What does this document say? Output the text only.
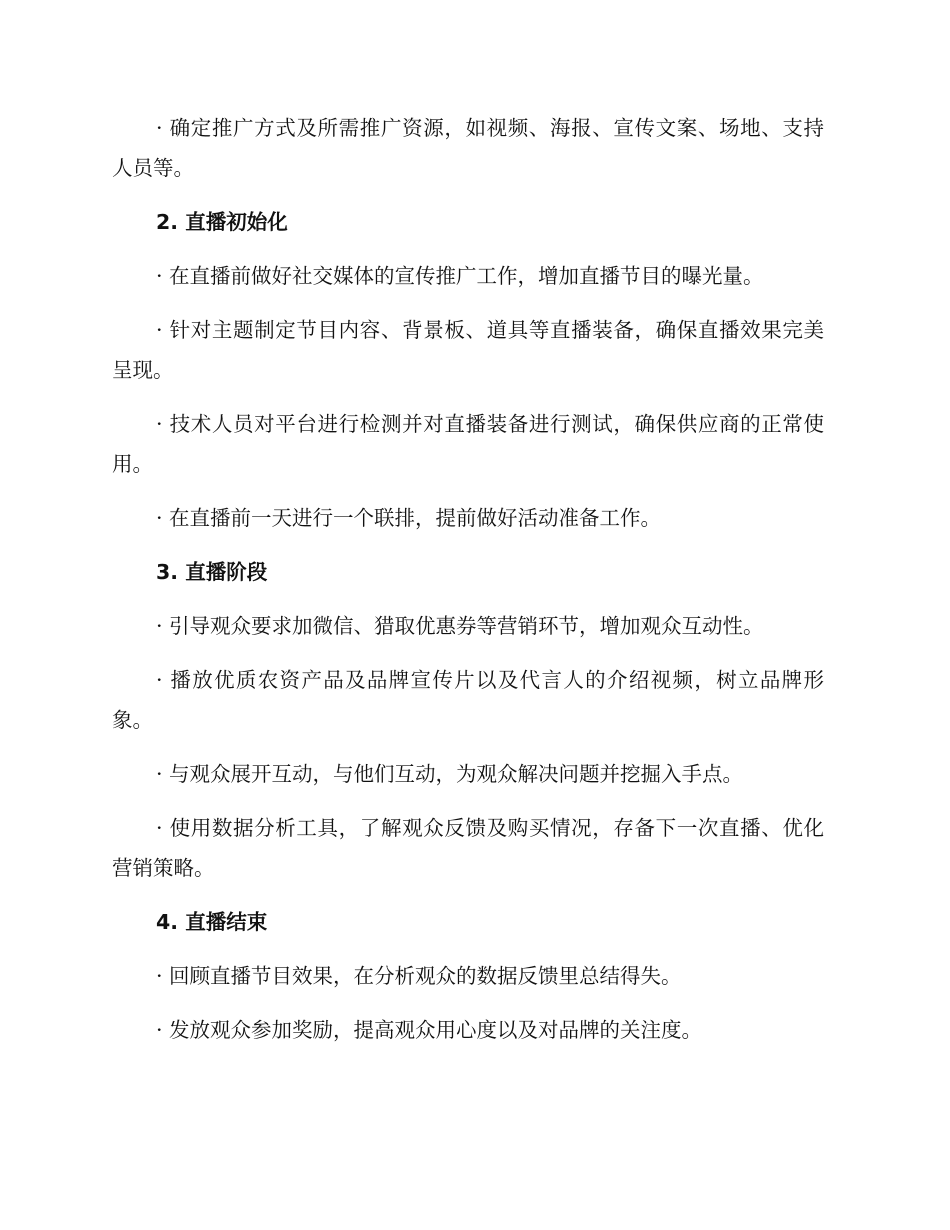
· 确定推广方式及所需推广资源，如视频、海报、宣传文案、场地、支持人员等。

2. 直播初始化

· 在直播前做好社交媒体的宣传推广工作，增加直播节目的曝光量。

· 针对主题制定节目内容、背景板、道具等直播装备，确保直播效果完美呈现。

· 技术人员对平台进行检测并对直播装备进行测试，确保供应商的正常使用。

· 在直播前一天进行一个联排，提前做好活动准备工作。

3. 直播阶段

· 引导观众要求加微信、猎取优惠券等营销环节，增加观众互动性。

· 播放优质农资产品及品牌宣传片以及代言人的介绍视频，树立品牌形象。

· 与观众展开互动，与他们互动，为观众解决问题并挖掘入手点。

· 使用数据分析工具，了解观众反馈及购买情况，存备下一次直播、优化营销策略。

4. 直播结束

· 回顾直播节目效果，在分析观众的数据反馈里总结得失。

· 发放观众参加奖励，提高观众用心度以及对品牌的关注度。
